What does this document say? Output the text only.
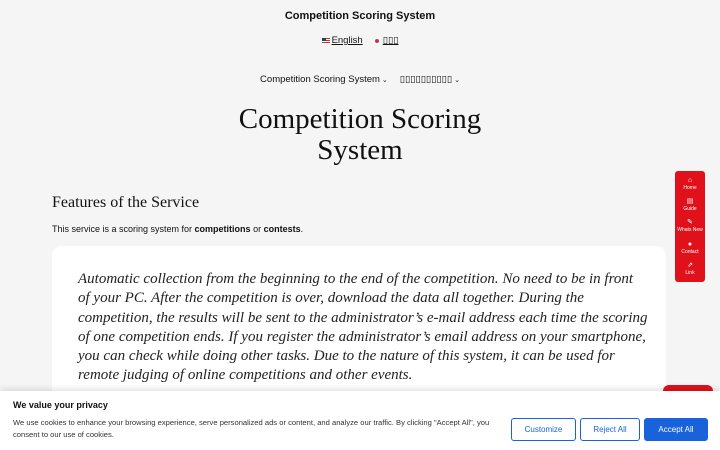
Competition Scoring System
English ▯▯▯
Competition Scoring System ⌄ ▯▯▯▯▯▯▯▯▯▯ ⌄
Competition Scoring System
Features of the Service

This service is a scoring system for competitions or contests.

Automatic collection from the beginning to the end of the competition. No need to be in front of your PC. After the competition is over, download the data all together. During the competition, the results will be sent to the administrator’s e-mail address each time the scoring of one competition ends. If you register the administrator’s email address on your smartphone, you can check while doing other tasks. Due to the nature of this system, it can be used for remote judging of online competitions and other events.

⌂
Home
▤
Guide
✎
Whats New
●
Contact
⇗
Link
We value your privacy
We use cookies to enhance your browsing experience, serve personalized ads or content, and analyze our traffic. By clicking "Accept All", you consent to our use of cookies.
Customize	Reject All	Accept All
